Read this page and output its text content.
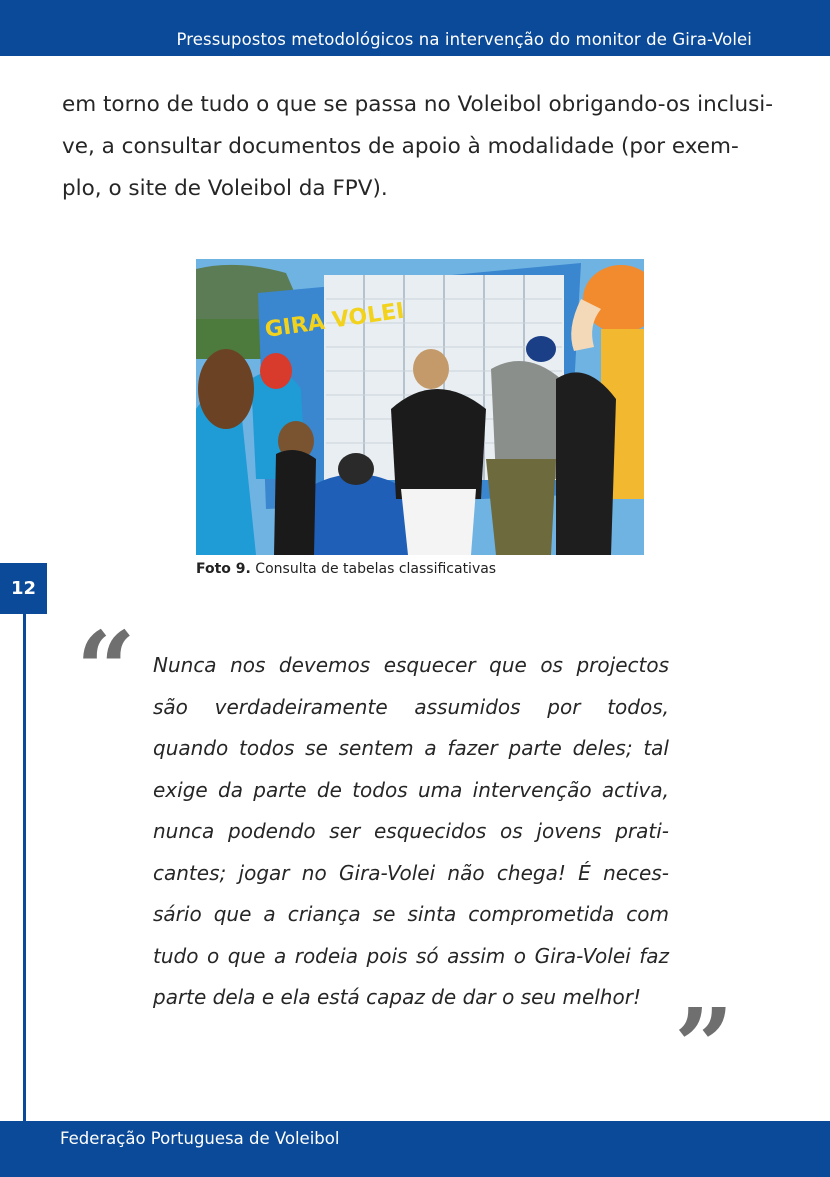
Pressupostos metodológicos na intervenção do monitor de Gira-Volei

em torno de tudo o que se passa no Voleibol obrigando-os inclusi-
ve, a consultar documentos de apoio à modalidade (por exem-
plo, o site de Voleibol da FPV).

GIRA VOLEI
Foto 9. Consulta de tabelas classificativas
12
“ Nunca nos devemos esquecer que os projectos
são verdadeiramente assumidos por todos,
quando todos se sentem a fazer parte deles; tal
exige da parte de todos uma intervenção activa,
nunca podendo ser esquecidos os jovens prati-
cantes; jogar no Gira-Volei não chega! É neces-
sário que a criança se sinta comprometida com
tudo o que a rodeia pois só assim o Gira-Volei faz
parte dela e ela está capaz de dar o seu melhor! ”
Federação Portuguesa de Voleibol
